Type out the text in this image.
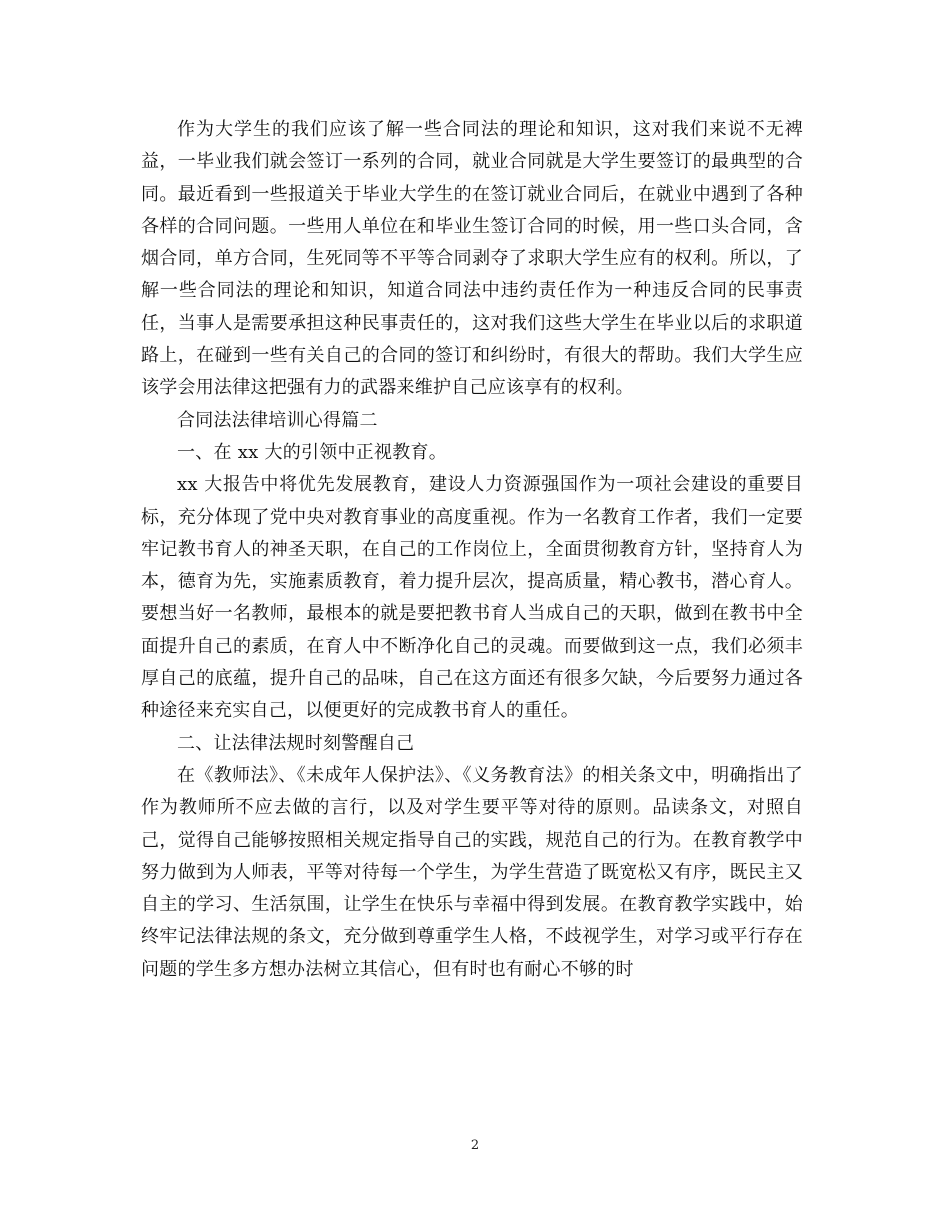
作为大学生的我们应该了解一些合同法的理论和知识，这对我们来说不无裨益，一毕业我们就会签订一系列的合同，就业合同就是大学生要签订的最典型的合同。最近看到一些报道关于毕业大学生的在签订就业合同后，在就业中遇到了各种各样的合同问题。一些用人单位在和毕业生签订合同的时候，用一些口头合同，含烟合同，单方合同，生死同等不平等合同剥夺了求职大学生应有的权利。所以，了解一些合同法的理论和知识，知道合同法中违约责任作为一种违反合同的民事责任，当事人是需要承担这种民事责任的，这对我们这些大学生在毕业以后的求职道路上，在碰到一些有关自己的合同的签订和纠纷时，有很大的帮助。我们大学生应该学会用法律这把强有力的武器来维护自己应该享有的权利。

合同法法律培训心得篇二

一、在 xx 大的引领中正视教育。

xx 大报告中将优先发展教育，建设人力资源强国作为一项社会建设的重要目标，充分体现了党中央对教育事业的高度重视。作为一名教育工作者，我们一定要牢记教书育人的神圣天职，在自己的工作岗位上，全面贯彻教育方针，坚持育人为本，德育为先，实施素质教育，着力提升层次，提高质量，精心教书，潜心育人。要想当好一名教师，最根本的就是要把教书育人当成自己的天职，做到在教书中全面提升自己的素质，在育人中不断净化自己的灵魂。而要做到这一点，我们必须丰厚自己的底蕴，提升自己的品味，自己在这方面还有很多欠缺，今后要努力通过各种途径来充实自己，以便更好的完成教书育人的重任。

二、让法律法规时刻警醒自己

在《教师法》、《未成年人保护法》、《义务教育法》的相关条文中，明确指出了作为教师所不应去做的言行，以及对学生要平等对待的原则。品读条文，对照自己，觉得自己能够按照相关规定指导自己的实践，规范自己的行为。在教育教学中努力做到为人师表，平等对待每一个学生，为学生营造了既宽松又有序，既民主又自主的学习、生活氛围，让学生在快乐与幸福中得到发展。在教育教学实践中，始终牢记法律法规的条文，充分做到尊重学生人格，不歧视学生，对学习或平行存在问题的学生多方想办法树立其信心，但有时也有耐心不够的时

2
